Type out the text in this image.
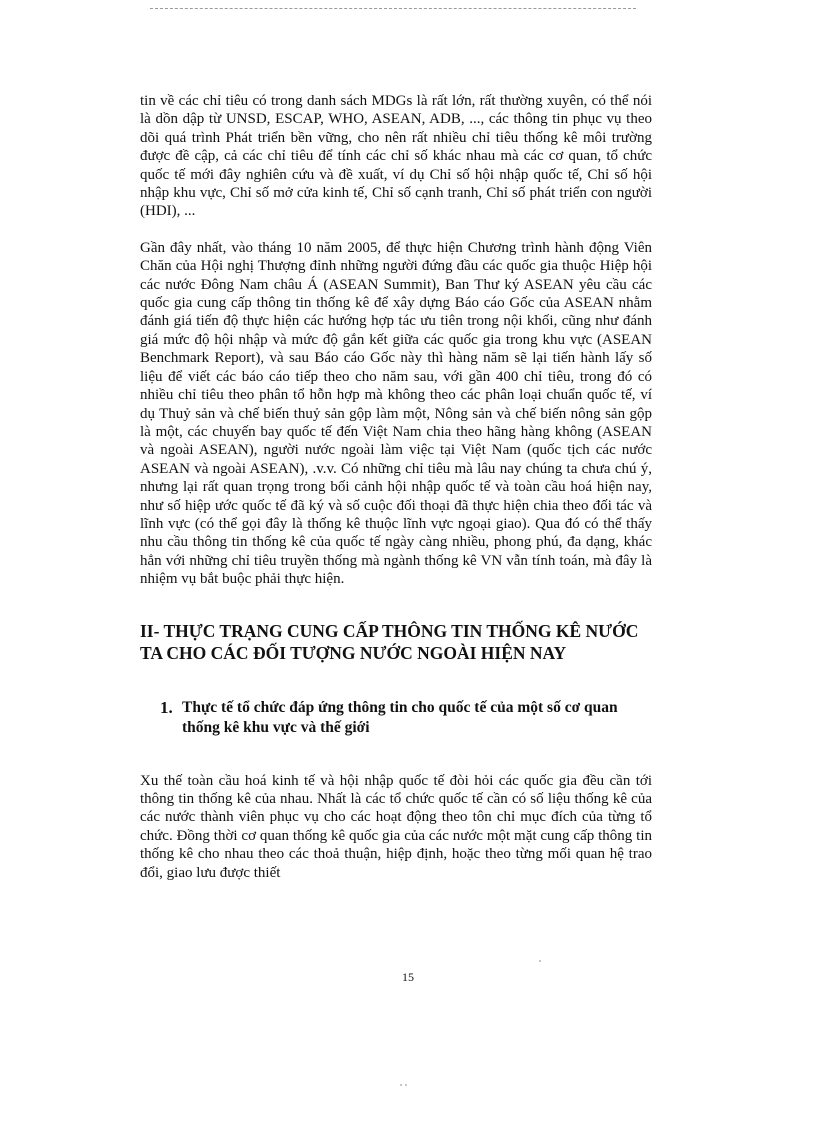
tin về các chỉ tiêu có trong danh sách MDGs là rất lớn, rất thường xuyên, có thể nói là dồn dập từ UNSD, ESCAP, WHO, ASEAN, ADB, ..., các thông tin phục vụ theo dõi quá trình Phát triển bền vững, cho nên rất nhiều chỉ tiêu thống kê môi trường được đề cập, cả các chỉ tiêu để tính các chỉ số khác nhau mà các cơ quan, tổ chức quốc tế mới đây nghiên cứu và đề xuất, ví dụ Chỉ số hội nhập quốc tế, Chỉ số hội nhập khu vực, Chỉ số mở cửa kinh tế, Chỉ số cạnh tranh, Chỉ số phát triển con người (HDI), ...

Gần đây nhất, vào tháng 10 năm 2005, để thực hiện Chương trình hành động Viên Chăn của Hội nghị Thượng đỉnh những người đứng đầu các quốc gia thuộc Hiệp hội các nước Đông Nam châu Á (ASEAN Summit), Ban Thư ký ASEAN yêu cầu các quốc gia cung cấp thông tin thống kê để xây dựng Báo cáo Gốc của ASEAN nhằm đánh giá tiến độ thực hiện các hướng hợp tác ưu tiên trong nội khối, cũng như đánh giá mức độ hội nhập và mức độ gắn kết giữa các quốc gia trong khu vực (ASEAN Benchmark Report), và sau Báo cáo Gốc này thì hàng năm sẽ lại tiến hành lấy số liệu để viết các báo cáo tiếp theo cho năm sau, với gần 400 chỉ tiêu, trong đó có nhiều chỉ tiêu theo phân tổ hỗn hợp mà không theo các phân loại chuẩn quốc tế, ví dụ Thuỷ sản và chế biến thuỷ sản gộp làm một, Nông sản và chế biến nông sản gộp là một, các chuyến bay quốc tế đến Việt Nam chia theo hãng hàng không (ASEAN và ngoài ASEAN), người nước ngoài làm việc tại Việt Nam (quốc tịch các nước ASEAN và ngoài ASEAN), .v.v. Có những chỉ tiêu mà lâu nay chúng ta chưa chú ý, nhưng lại rất quan trọng trong bối cảnh hội nhập quốc tế và toàn cầu hoá hiện nay, như số hiệp ước quốc tế đã ký và số cuộc đối thoại đã thực hiện chia theo đối tác và lĩnh vực (có thể gọi đây là thống kê thuộc lĩnh vực ngoại giao). Qua đó có thể thấy nhu cầu thông tin thống kê của quốc tế ngày càng nhiều, phong phú, đa dạng, khác hẳn với những chỉ tiêu truyền thống mà ngành thống kê VN vẫn tính toán, mà đây là nhiệm vụ bắt buộc phải thực hiện.

II- THỰC TRẠNG CUNG CẤP THÔNG TIN THỐNG KÊ NƯỚC TA CHO CÁC ĐỐI TƯỢNG NƯỚC NGOÀI HIỆN NAY
1. Thực tế tổ chức đáp ứng thông tin cho quốc tế của một số cơ quan thống kê khu vực và thế giới

Xu thế toàn cầu hoá kinh tế và hội nhập quốc tế đòi hỏi các quốc gia đều cần tới thông tin thống kê của nhau. Nhất là các tổ chức quốc tế cần có số liệu thống kê của các nước thành viên phục vụ cho các hoạt động theo tôn chỉ mục đích của từng tổ chức. Đồng thời cơ quan thống kê quốc gia của các nước một mặt cung cấp thông tin thống kê cho nhau theo các thoả thuận, hiệp định, hoặc theo từng mối quan hệ trao đổi, giao lưu được thiết

15
